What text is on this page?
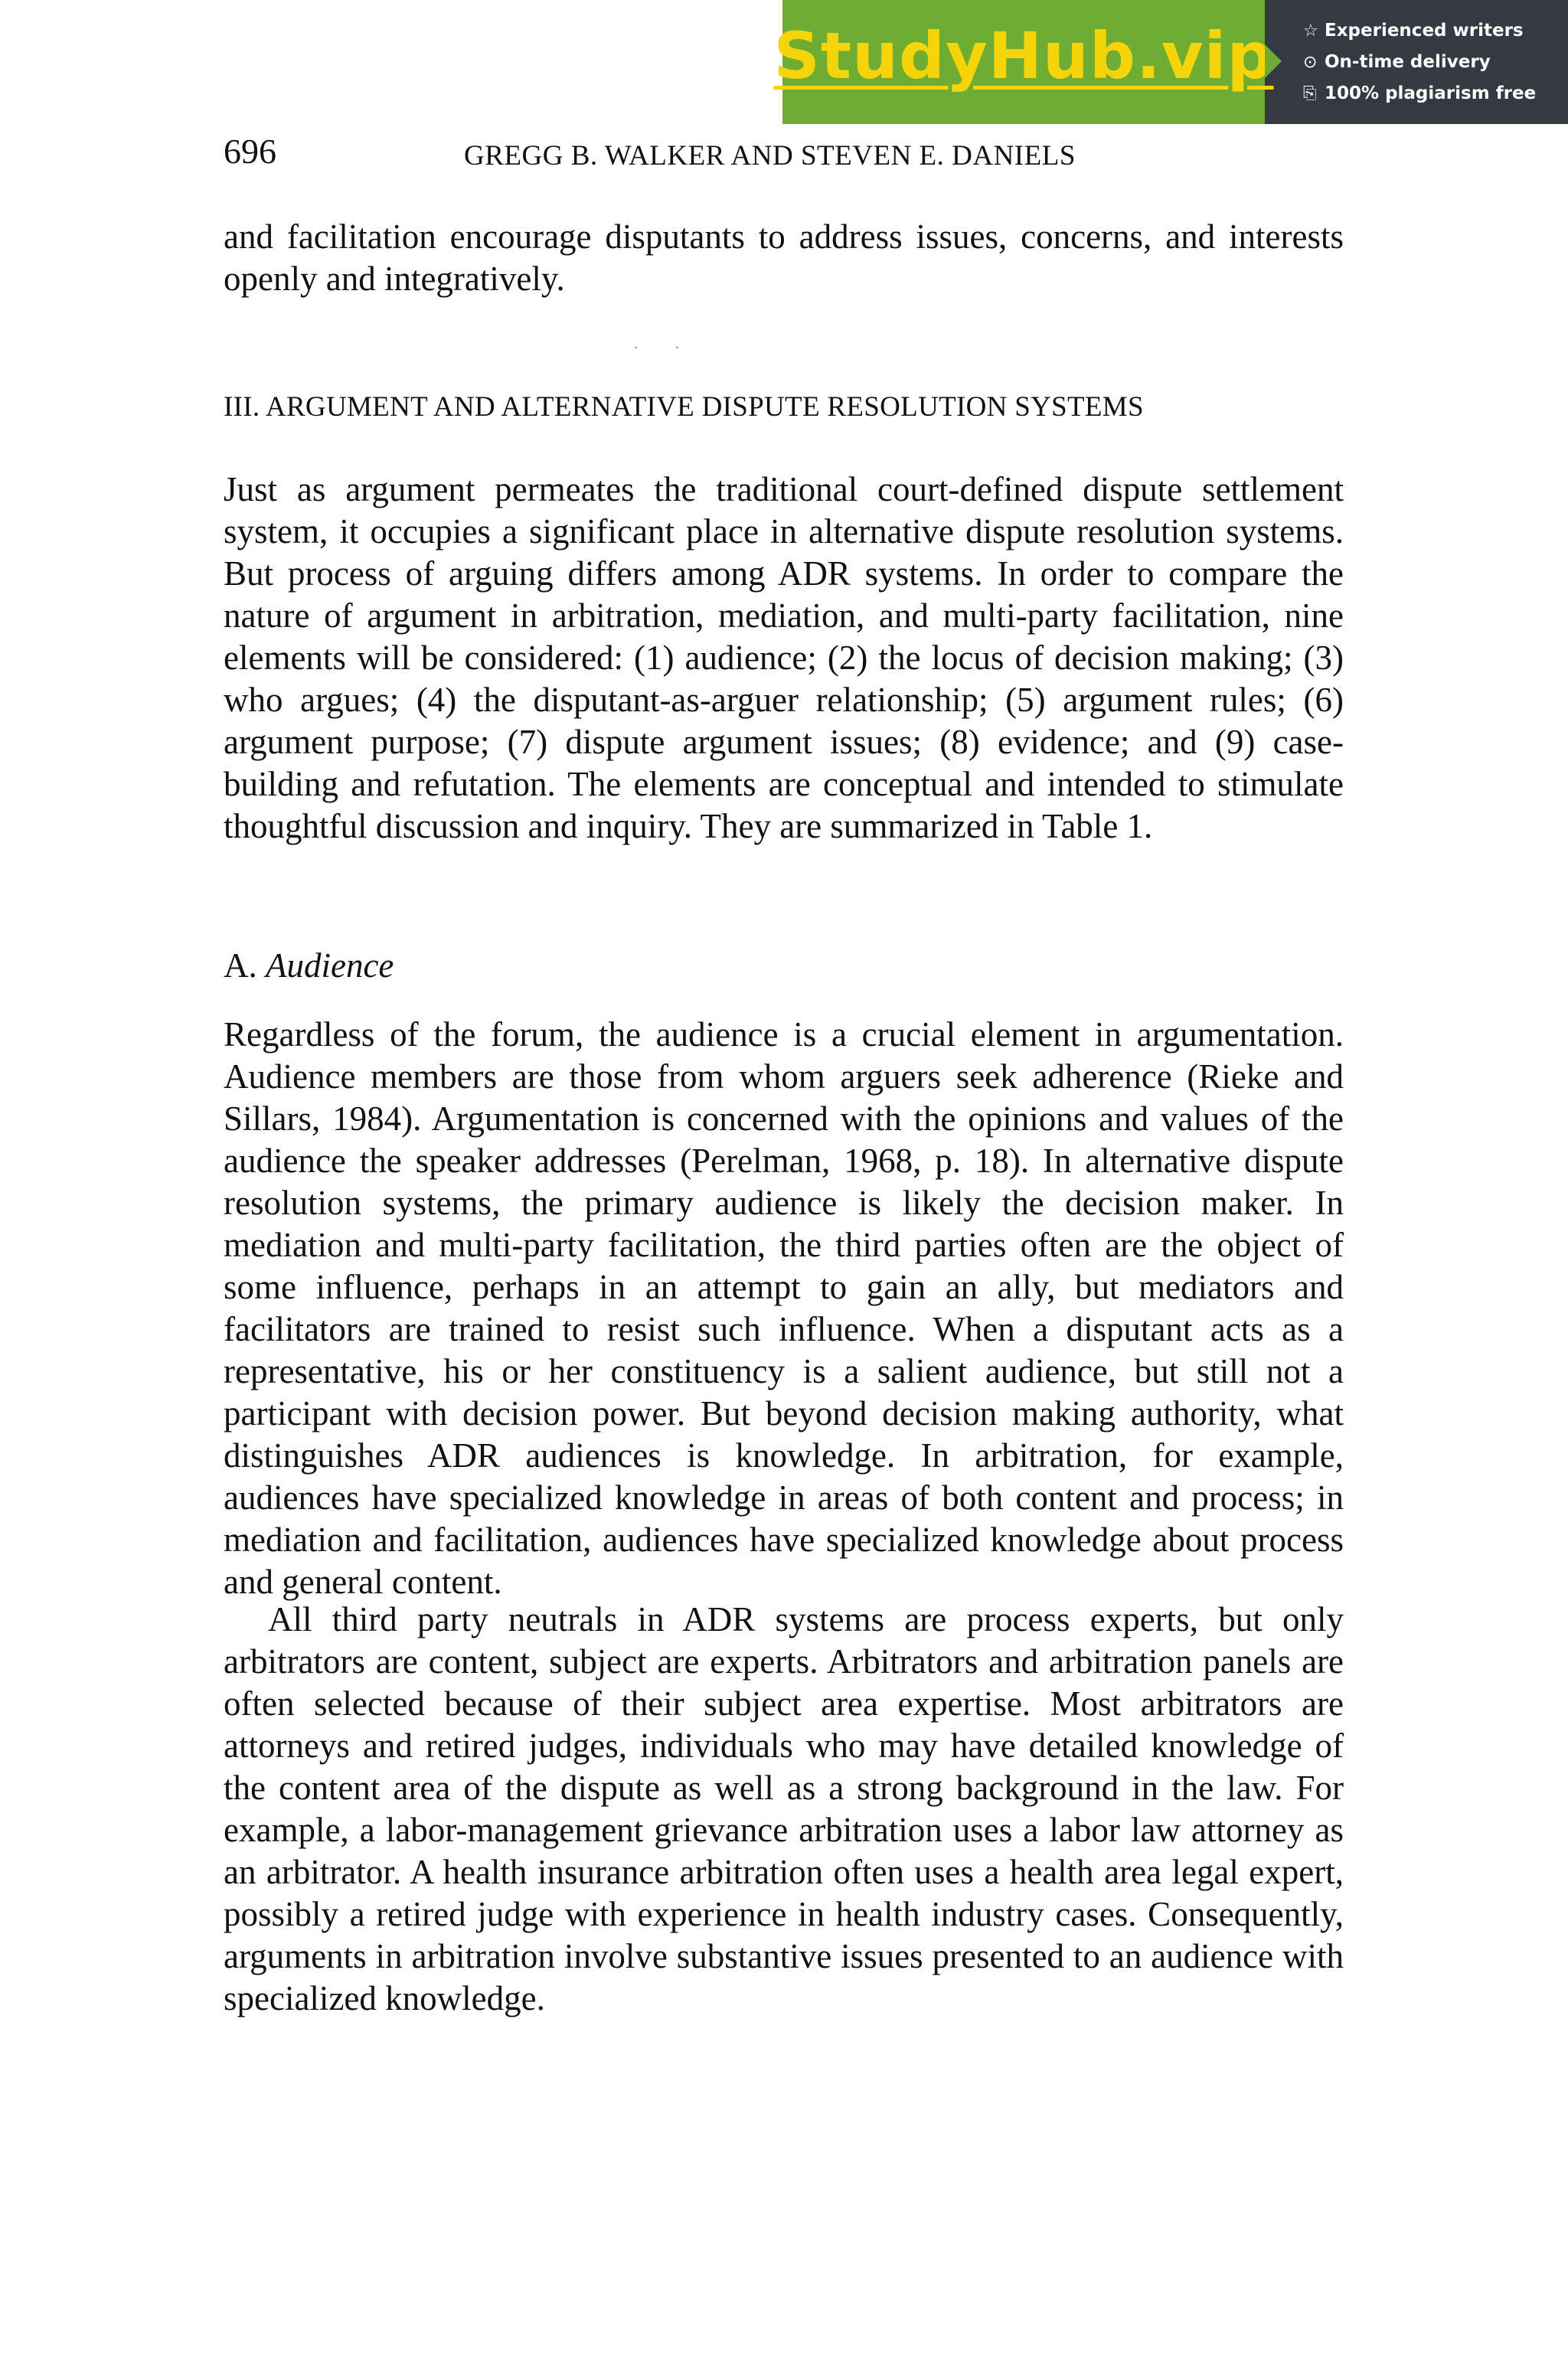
StudyHub.vip ☆ Experienced writers
⊙ On-time delivery
⎘ 100% plagiarism free
696	GREGG B. WALKER AND STEVEN E. DANIELS

and facilitation encourage disputants to address issues, concerns, and interests openly and integratively.

. .
III. ARGUMENT AND ALTERNATIVE DISPUTE RESOLUTION SYSTEMS

Just as argument permeates the traditional court-defined dispute settlement system, it occupies a significant place in alternative dispute resolution systems. But process of arguing differs among ADR systems. In order to compare the nature of argument in arbitration, mediation, and multi-party facilitation, nine elements will be considered: (1) audience; (2) the locus of decision making; (3) who argues; (4) the disputant-as-arguer relationship; (5) argument rules; (6) argument purpose; (7) dispute argument issues; (8) evidence; and (9) case-building and refutation. The elements are conceptual and intended to stimulate thoughtful discussion and inquiry. They are summarized in Table 1.

A. Audience

Regardless of the forum, the audience is a crucial element in argumentation. Audience members are those from whom arguers seek adherence (Rieke and Sillars, 1984). Argumentation is concerned with the opinions and values of the audience the speaker addresses (Perelman, 1968, p. 18). In alternative dispute resolution systems, the primary audience is likely the decision maker. In mediation and multi-party facilitation, the third parties often are the object of some influence, perhaps in an attempt to gain an ally, but mediators and facilitators are trained to resist such influence. When a disputant acts as a representative, his or her constituency is a salient audience, but still not a participant with decision power. But beyond decision making authority, what distinguishes ADR audiences is knowledge. In arbitration, for example, audiences have specialized knowledge in areas of both content and process; in mediation and facilitation, audiences have specialized knowledge about process and general content.

All third party neutrals in ADR systems are process experts, but only arbitrators are content, subject are experts. Arbitrators and arbitration panels are often selected because of their subject area expertise. Most arbitrators are attorneys and retired judges, individuals who may have detailed knowledge of the content area of the dispute as well as a strong background in the law. For example, a labor-management grievance arbitration uses a labor law attorney as an arbitrator. A health insurance arbitration often uses a health area legal expert, possibly a retired judge with experience in health industry cases. Consequently, arguments in arbitration involve substantive issues presented to an audience with specialized knowledge.
